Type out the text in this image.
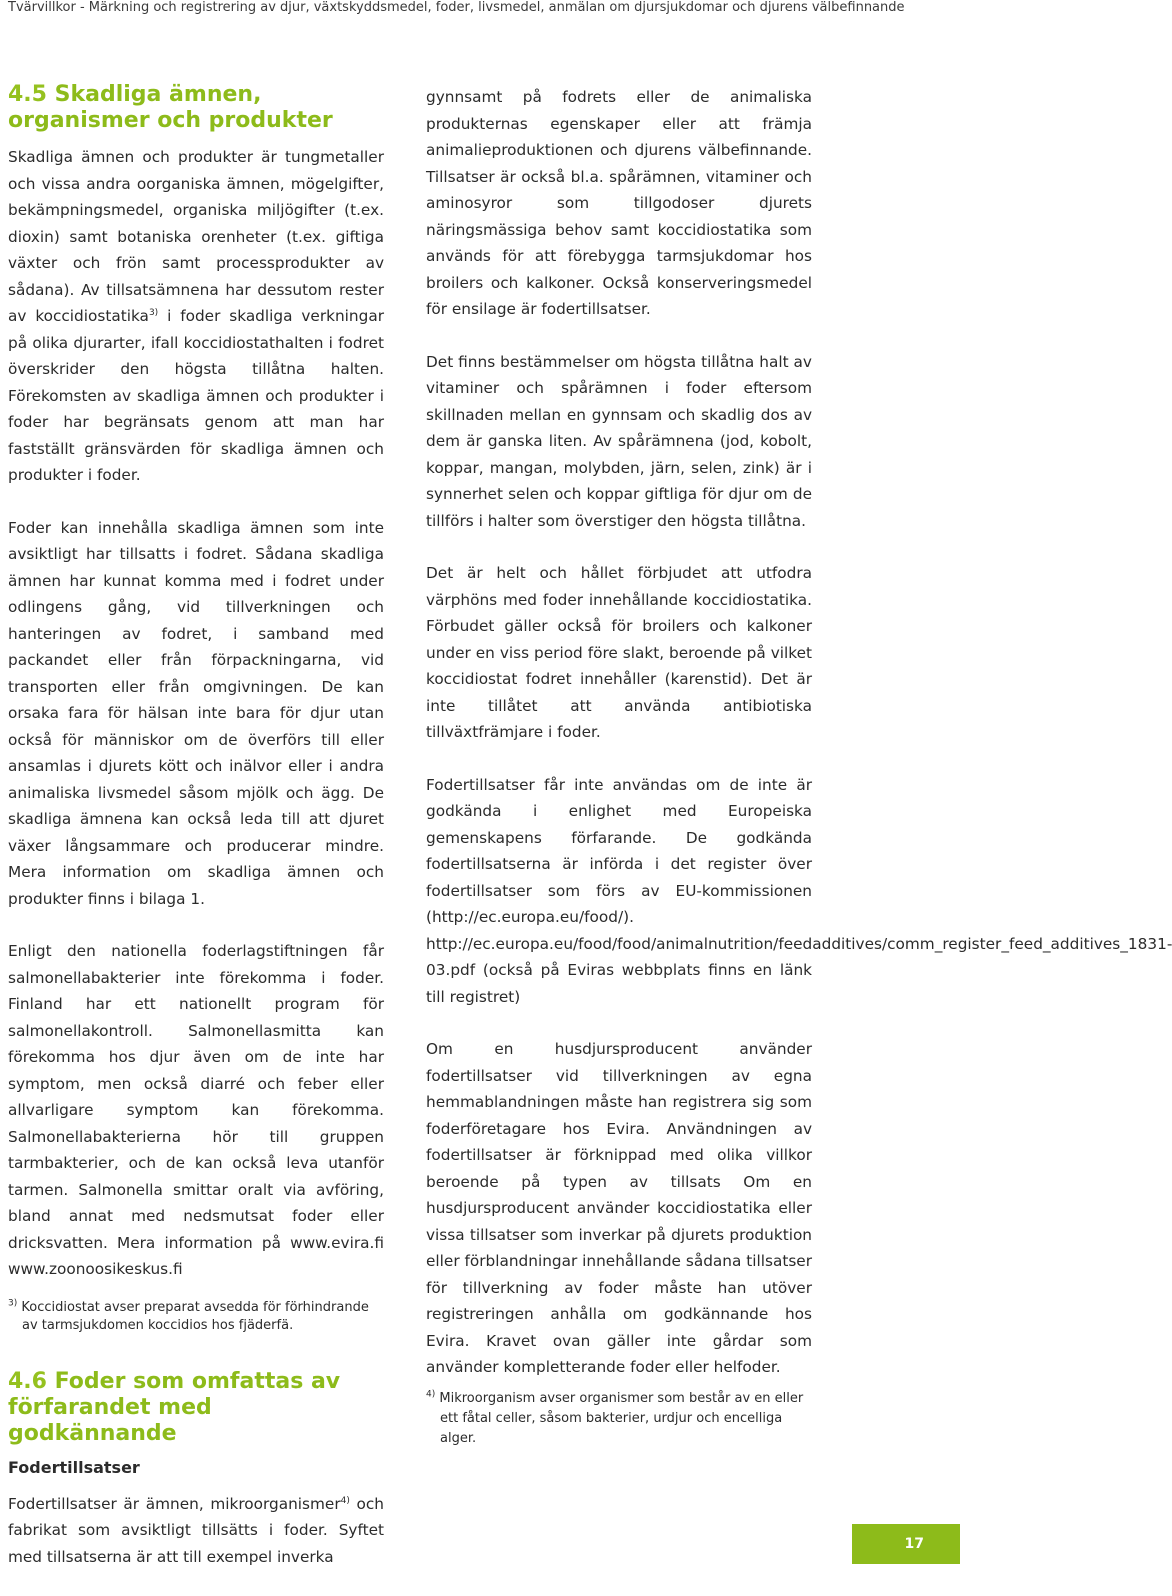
Tvärvillkor - Märkning och registrering av djur, växtskyddsmedel, foder, livsmedel, anmälan om djursjukdomar och djurens välbefinnande
4.5 Skadliga ämnen, organismer och produkter

Skadliga ämnen och produkter är tungmetaller och vissa andra oorganiska ämnen, mögelgifter, bekämpningsmedel, organiska miljögifter (t.ex. dioxin) samt botaniska orenheter (t.ex. giftiga växter och frön samt processprodukter av sådana). Av tillsatsämnena har dessutom rester av koccidiostatika$^{3)}$ i foder skadliga verkningar på olika djurarter, ifall koccidiostathalten i fodret överskrider den högsta tillåtna halten. Förekomsten av skadliga ämnen och produkter i foder har begränsats genom att man har fastställt gränsvärden för skadliga ämnen och produkter i foder.

Foder kan innehålla skadliga ämnen som inte avsiktligt har tillsatts i fodret. Sådana skadliga ämnen har kunnat komma med i fodret under odlingens gång, vid tillverkningen och hanteringen av fodret, i samband med packandet eller från förpackningarna, vid transporten eller från omgivningen. De kan orsaka fara för hälsan inte bara för djur utan också för människor om de överförs till eller ansamlas i djurets kött och inälvor eller i andra animaliska livsmedel såsom mjölk och ägg. De skadliga ämnena kan också leda till att djuret växer långsammare och producerar mindre. Mera information om skadliga ämnen och produkter finns i bilaga 1.

Enligt den nationella foderlagstiftningen får salmonellabakterier inte förekomma i foder. Finland har ett nationellt program för salmonellakontroll. Salmonellasmitta kan förekomma hos djur även om de inte har symptom, men också diarré och feber eller allvarligare symptom kan förekomma. Salmonellabakterierna hör till gruppen tarmbakterier, och de kan också leva utanför tarmen. Salmonella smittar oralt via avföring, bland annat med nedsmutsat foder eller dricksvatten. Mera information på www.evira.fi www.zoonoosikeskus.fi

$^{3)}$ Koccidiostat avser preparat avsedda för förhindrande av tarmsjukdomen koccidios hos fjäderfä.
4.6 Foder som omfattas av förfarandet med godkännande
Fodertillsatser

Fodertillsatser är ämnen, mikroorganismer$^{4)}$ och fabrikat som avsiktligt tillsätts i foder. Syftet med tillsatserna är att till exempel inverka

gynnsamt på fodrets eller de animaliska produkternas egenskaper eller att främja animalieproduktionen och djurens välbefinnande. Tillsatser är också bl.a. spårämnen, vitaminer och aminosyror som tillgodoser djurets näringsmässiga behov samt koccidiostatika som används för att förebygga tarmsjukdomar hos broilers och kalkoner. Också konserveringsmedel för ensilage är fodertillsatser.

Det finns bestämmelser om högsta tillåtna halt av vitaminer och spårämnen i foder eftersom skillnaden mellan en gynnsam och skadlig dos av dem är ganska liten. Av spårämnena (jod, kobolt, koppar, mangan, molybden, järn, selen, zink) är i synnerhet selen och koppar giftliga för djur om de tillförs i halter som överstiger den högsta tillåtna.

Det är helt och hållet förbjudet att utfodra värphöns med foder innehållande koccidiostatika. Förbudet gäller också för broilers och kalkoner under en viss period före slakt, beroende på vilket koccidiostat fodret innehåller (karenstid). Det är inte tillåtet att använda antibiotiska tillväxtfrämjare i foder.

Fodertillsatser får inte användas om de inte är godkända i enlighet med Europeiska gemenskapens förfarande. De godkända fodertillsatserna är införda i det register över fodertillsatser som förs av EU-kommissionen (http://ec.europa.eu/food/). http://ec.europa.eu/food/food/animalnutrition/feedadditives/comm_register_feed_additives_1831-03.pdf (också på Eviras webbplats finns en länk till registret)

Om en husdjursproducent använder fodertillsatser vid tillverkningen av egna hemmablandningen måste han registrera sig som foderföretagare hos Evira. Användningen av fodertillsatser är förknippad med olika villkor beroende på typen av tillsats Om en husdjursproducent använder koccidiostatika eller vissa tillsatser som inverkar på djurets produktion eller förblandningar innehållande sådana tillsatser för tillverkning av foder måste han utöver registreringen anhålla om godkännande hos Evira. Kravet ovan gäller inte gårdar som använder kompletterande foder eller helfoder.

$^{4)}$ Mikroorganism avser organismer som består av en eller ett fåtal celler, såsom bakterier, urdjur och encelliga alger.
17
